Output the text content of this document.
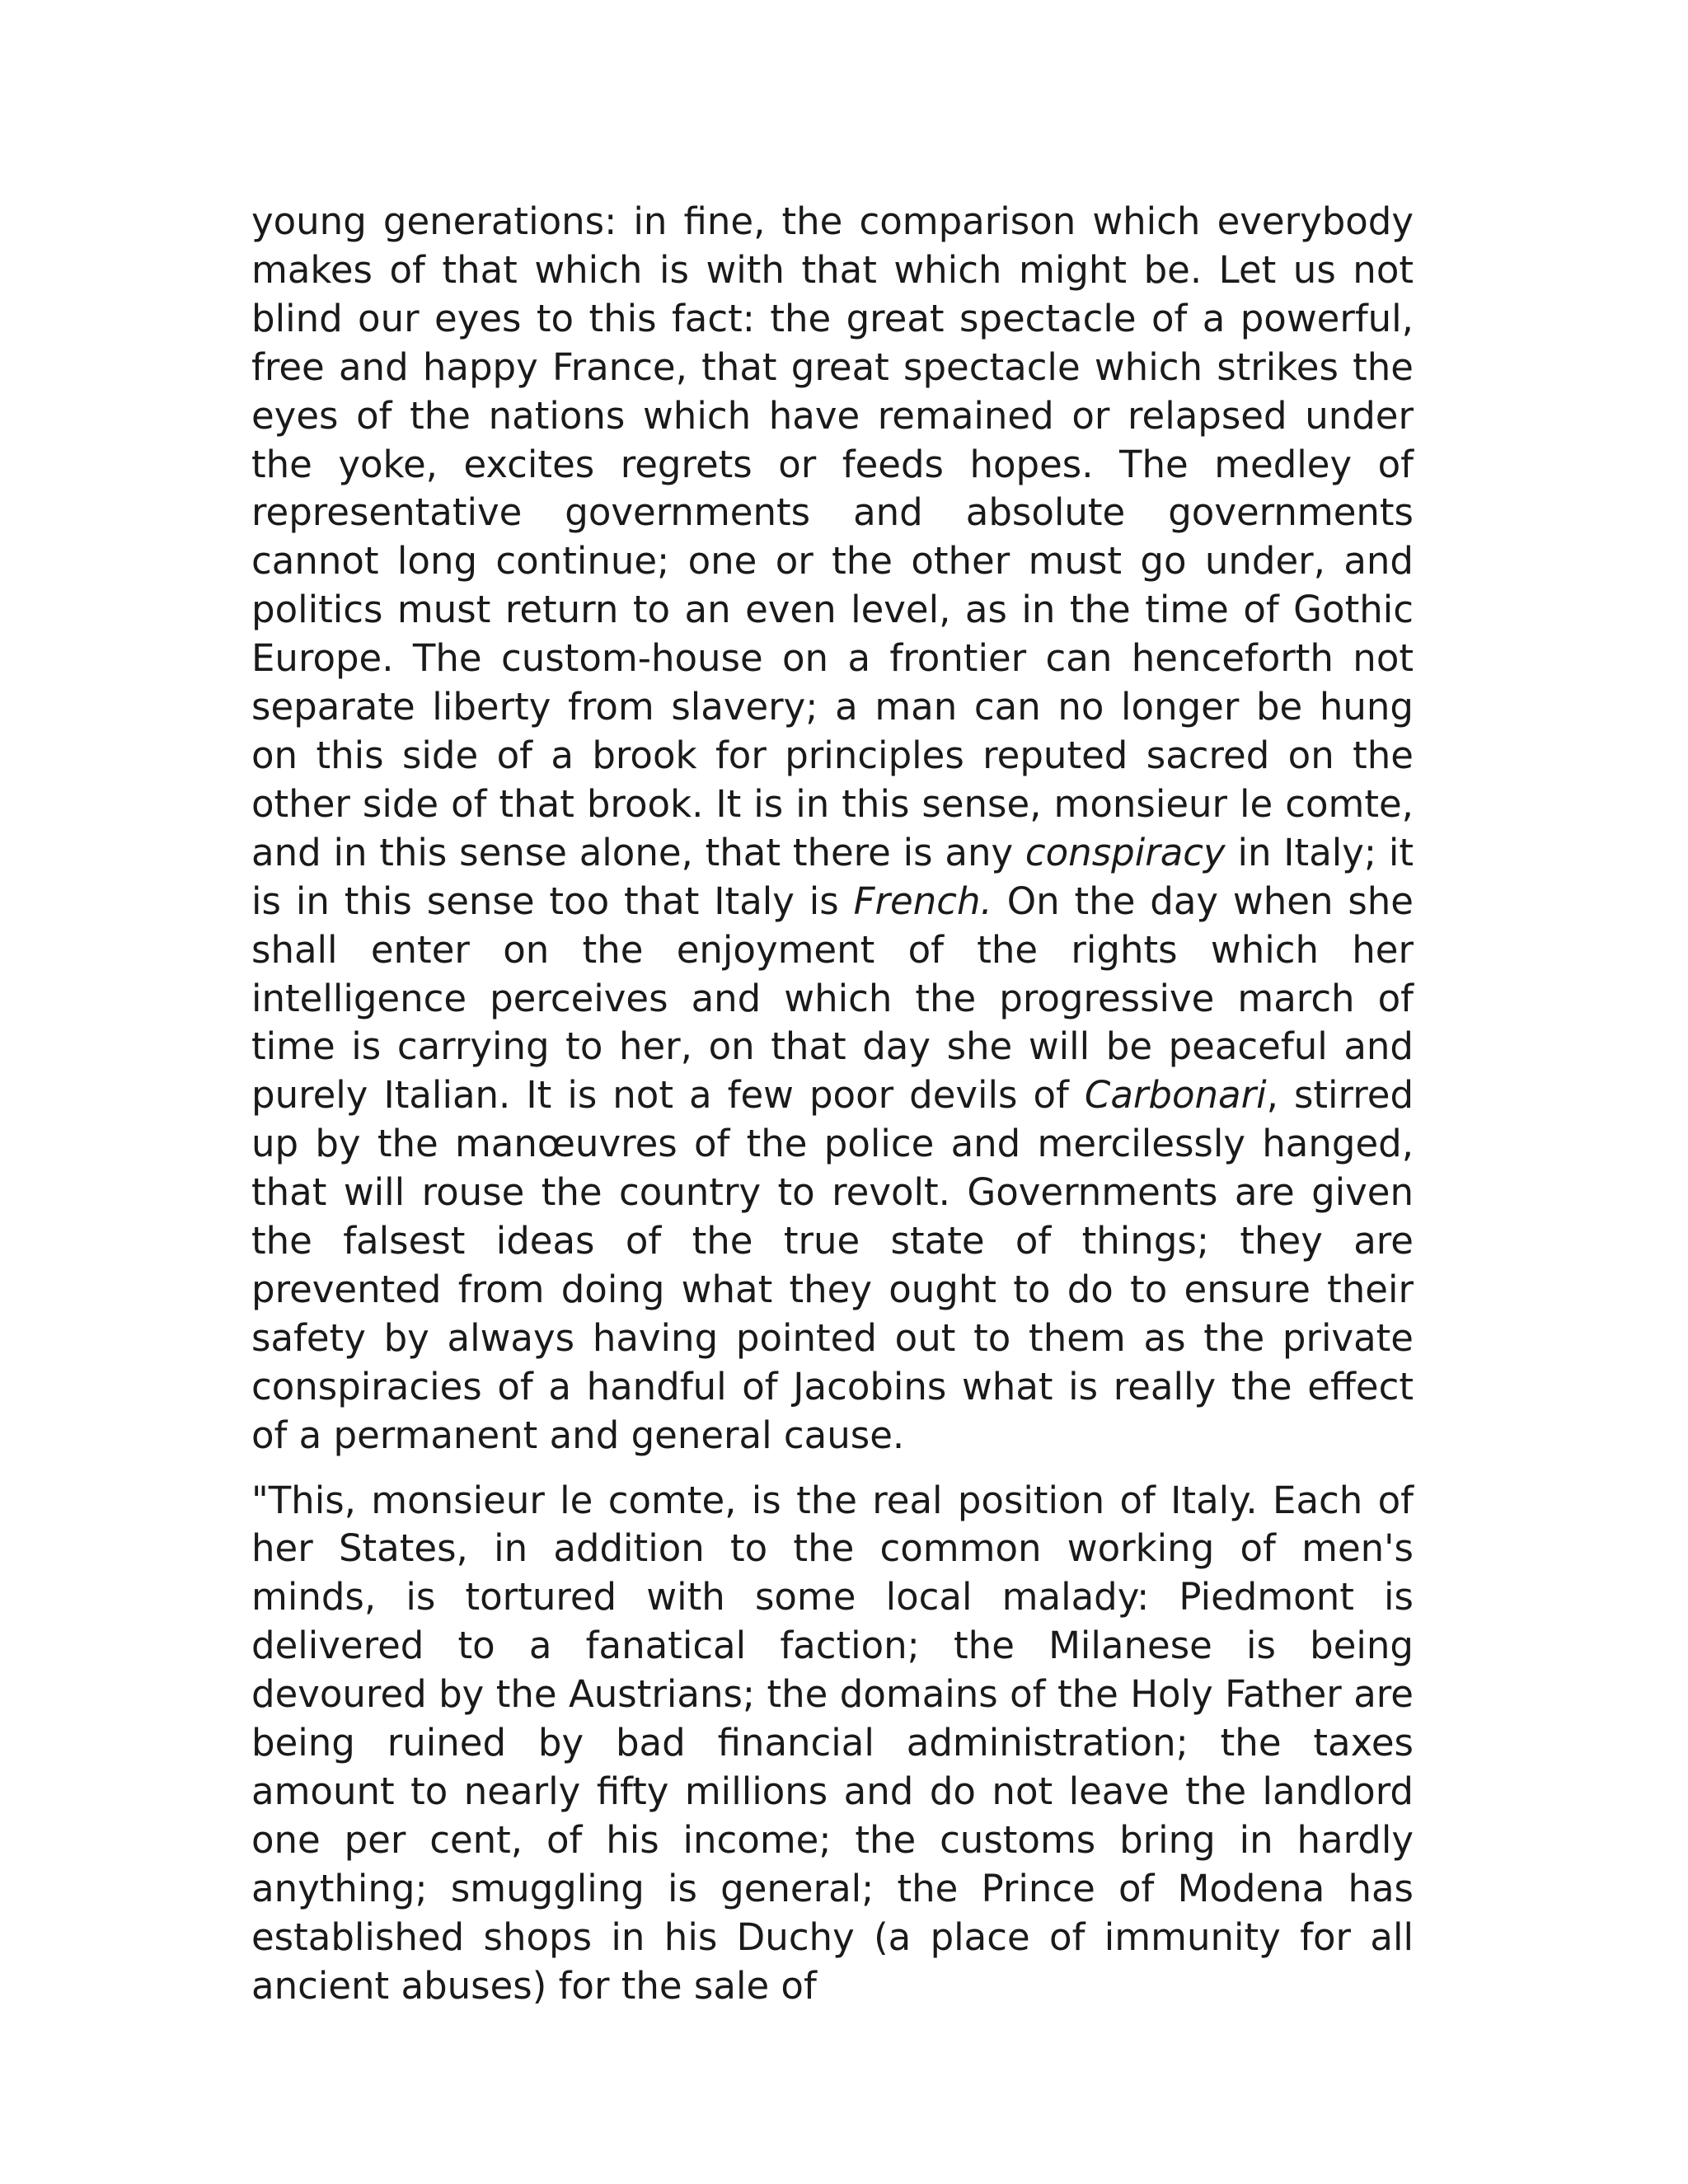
young generations: in fine, the comparison which everybody makes of that which is with that which might be. Let us not blind our eyes to this fact: the great spectacle of a powerful, free and happy France, that great spectacle which strikes the eyes of the nations which have remained or relapsed under the yoke, excites regrets or feeds hopes. The medley of representative governments and absolute governments cannot long continue; one or the other must go under, and politics must return to an even level, as in the time of Gothic Europe. The custom-house on a frontier can henceforth not separate liberty from slavery; a man can no longer be hung on this side of a brook for principles reputed sacred on the other side of that brook. It is in this sense, monsieur le comte, and in this sense alone, that there is any conspiracy in Italy; it is in this sense too that Italy is French. On the day when she shall enter on the enjoyment of the rights which her intelligence perceives and which the progressive march of time is carrying to her, on that day she will be peaceful and purely Italian. It is not a few poor devils of Carbonari, stirred up by the manœuvres of the police and mercilessly hanged, that will rouse the country to revolt. Governments are given the falsest ideas of the true state of things; they are prevented from doing what they ought to do to ensure their safety by always having pointed out to them as the private conspiracies of a handful of Jacobins what is really the effect of a permanent and general cause.

"This, monsieur le comte, is the real position of Italy. Each of her States, in addition to the common working of men's minds, is tortured with some local malady: Piedmont is delivered to a fanatical faction; the Milanese is being devoured by the Austrians; the domains of the Holy Father are being ruined by bad financial administration; the taxes amount to nearly fifty millions and do not leave the landlord one per cent, of his income; the customs bring in hardly anything; smuggling is general; the Prince of Modena has established shops in his Duchy (a place of immunity for all ancient abuses) for the sale of
